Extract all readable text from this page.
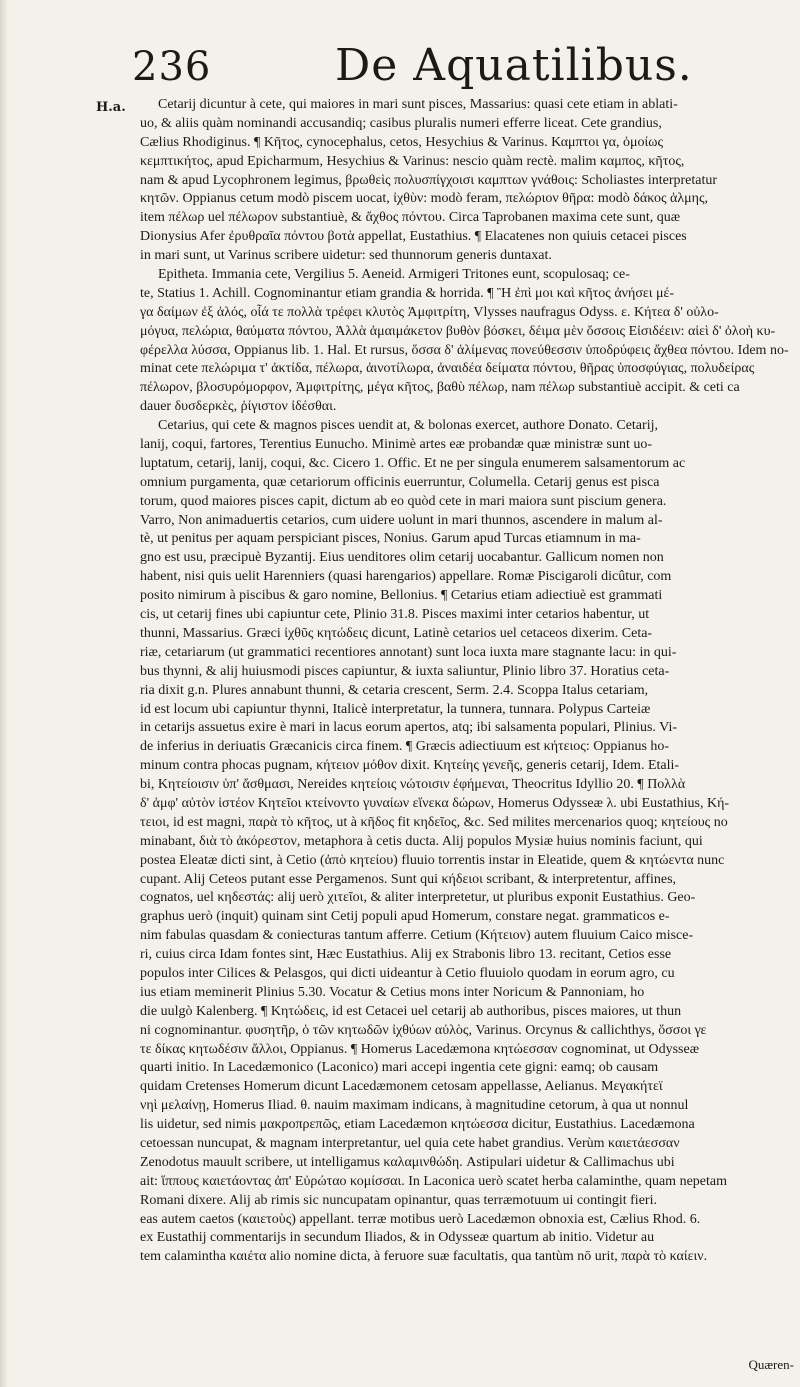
236	De Aquatilibus.
H.a.	Cetarij dicuntur à cete, qui maiores in mari sunt pisces, Massarius: quasi cete etiam in ablati-
uo, & aliis quàm nominandi accusandiq; casibus pluralis numeri efferre liceat. Cete grandius,
Cælius Rhodiginus. ¶ Κῆτος, cynocephalus, cetos, Hesychius & Varinus. Καμπτοι γα, ὁμοίως
κεμπτικήτος, apud Epicharmum, Hesychius & Varinus: nescio quàm rectè. malim καμπος, κῆτος,
nam & apud Lycophronem legimus, βρωθεὶς πολυσπίγχοισι καμπτων γνάθοις: Scholiastes interpretatur
κητῶν. Oppianus cetum modò piscem uocat, ἰχθὺν: modò feram, πελώριον θῆρα: modò δάκος ἁλμης,
item πέλωρ uel πέλωρον substantiuè, & ἄχθος πόντου. Circa Taprobanen maxima cete sunt, quæ
Dionysius Afer ἐρυθραῖα πόντου βοτὰ appellat, Eustathius. ¶ Elacatenes non quiuis cetacei pisces
in mari sunt, ut Varinus scribere uidetur: sed thunnorum generis duntaxat.
Epitheta. Immania cete, Vergilius 5. Aeneid. Armigeri Tritones eunt, scopulosaq; ce-
te, Statius 1. Achill. Cognominantur etiam grandia & horrida. ¶ Ἢ ἐπὶ μοι καὶ κῆτος ἀνήσει μέ-
γα δαίμων ἐξ ἁλός, οἷά τε πολλὰ τρέφει κλυτὸς Ἀμφιτρίτη, Vlysses naufragus Odyss. ε. Κήτεα δ' οὐλο-
μόγυα, πελώρια, θαύματα πόντου, Ἀλλὰ ἀμαιμάκετον βυθὸν βόσκει, δέιμα μὲν ὄσσοις Εἰσιδέειν: αἰεὶ δ' ὀλοὴ κυ-
φέρελλα λύσσα, Oppianus lib. 1. Hal. Et rursus, ὅσσα δ' ἁλίμενας πονεύθεσσιν ὑποδρύφεις ἄχθεα πόντου. Idem no-
minat cete πελώριμα τ' ἀκτίδα, πέλωρα, ἀινοτίλωρα, ἀναιδέα δείματα πόντου, θῆρας ὑποσφύγιας, πολυδείρας
πέλωρον, βλοσυρόμορφον, Ἀμφιτρίτης, μέγα κῆτος, βαθὺ πέλωρ, nam πέλωρ substantiuè accipit. & ceti ca
dauer δυσδερκὲς, ῥίγιστον ἰδέσθαι.
Cetarius, qui cete & magnos pisces uendit at, & bolonas exercet, authore Donato. Cetarij,
lanij, coqui, fartores, Terentius Eunucho. Minimè artes eæ probandæ quæ ministræ sunt uo-
luptatum, cetarij, lanij, coqui, &c. Cicero 1. Offic. Et ne per singula enumerem salsamentorum ac
omnium purgamenta, quæ cetariorum officinis euerruntur, Columella. Cetarij genus est pisca
torum, quod maiores pisces capit, dictum ab eo quòd cete in mari maiora sunt piscium genera.
Varro, Non animaduertis cetarios, cum uidere uolunt in mari thunnos, ascendere in malum al-
tè, ut penitus per aquam perspiciant pisces, Nonius. Garum apud Turcas etiamnum in ma-
gno est usu, præcipuè Byzantij. Eius uenditores olim cetarij uocabantur. Gallicum nomen non
habent, nisi quis uelit Harenniers (quasi harengarios) appellare. Romæ Piscigaroli dicûtur, com
posito nimirum à piscibus & garo nomine, Bellonius. ¶ Cetarius etiam adiectiuè est grammati
cis, ut cetarij fines ubi capiuntur cete, Plinio 31.8. Pisces maximi inter cetarios habentur, ut
thunni, Massarius. Græci ἰχθῦς κητώδεις dicunt, Latinè cetarios uel cetaceos dixerim. Ceta-
riæ, cetariarum (ut grammatici recentiores annotant) sunt loca iuxta mare stagnante lacu: in qui-
bus thynni, & alij huiusmodi pisces capiuntur, & iuxta saliuntur, Plinio libro 37. Horatius ceta-
ria dixit g.n. Plures annabunt thunni, & cetaria crescent, Serm. 2.4. Scoppa Italus cetariam,
id est locum ubi capiuntur thynni, Italicè interpretatur, la tunnera, tunnara. Polypus Carteiæ
in cetarijs assuetus exire è mari in lacus eorum apertos, atq; ibi salsamenta populari, Plinius. Vi-
de inferius in deriuatis Græcanicis circa finem. ¶ Græcis adiectiuum est κήτειος: Oppianus ho-
minum contra phocas pugnam, κήτειον μόθον dixit. Κητείης γενεῆς, generis cetarij, Idem. Etali-
bi, Κητείοισιν ὑπ' ἄσθμασι, Nereides κητείοις νώτοισιν ἐφήμεναι, Theocritus Idyllio 20. ¶ Πολλὰ
δ' ἀμφ' αὐτὸν ἱστέον Κητεῖοι κτείνοντο γυναίων εἵνεκα δώρων, Homerus Odysseæ λ. ubi Eustathius, Κή-
τειοι, id est magni, παρὰ τὸ κῆτος, ut à κῆδος fit κηδεῖος, &c. Sed milites mercenarios quoq; κητείους no
minabant, διὰ τὸ ἀκόρεστον, metaphora à cetis ducta. Alij populos Mysiæ huius nominis faciunt, qui
postea Eleatæ dicti sint, à Cetio (ἀπὸ κητείου) fluuio torrentis instar in Eleatide, quem & κητώεντα nunc
cupant. Alij Ceteos putant esse Pergamenos. Sunt qui κήδειοι scribant, & interpretentur, affines,
cognatos, uel κηδεστάς: alij uerò χιτεῖοι, & aliter interpretetur, ut pluribus exponit Eustathius. Geo-
graphus uerò (inquit) quinam sint Cetij populi apud Homerum, constare negat. grammaticos e-
nim fabulas quasdam & coniecturas tantum afferre. Cetium (Κήτειον) autem fluuium Caico misce-
ri, cuius circa Idam fontes sint, Hæc Eustathius. Alij ex Strabonis libro 13. recitant, Cetios esse
populos inter Cilices & Pelasgos, qui dicti uideantur à Cetio fluuiolo quodam in eorum agro, cu
ius etiam meminerit Plinius 5.30. Vocatur & Cetius mons inter Noricum & Pannoniam, ho
die uulgò Kalenberg. ¶ Κητώδεις, id est Cetacei uel cetarij ab authoribus, pisces maiores, ut thun
ni cognominantur. φυσητῆρ, ὁ τῶν κητωδῶν ἰχθύων αὐλὸς, Varinus. Orcynus & callichthys, ὅσσοι γε
τε δίκας κητωδέσιν ἄλλοι, Oppianus. ¶ Homerus Lacedæmona κητώεσσαν cognominat, ut Odysseæ
quarti initio. In Lacedæmonico (Laconico) mari accepi ingentia cete gigni: eamq; ob causam
quidam Cretenses Homerum dicunt Lacedæmonem cetosam appellasse, Aelianus. Μεγακήτεϊ
νηὶ μελαίνῃ, Homerus Iliad. θ. nauim maximam indicans, à magnitudine cetorum, à qua ut nonnul
lis uidetur, sed nimis μακροπρεπῶς, etiam Lacedæmon κητώεσσα dicitur, Eustathius. Lacedæmona
cetoessan nuncupat, & magnam interpretantur, uel quia cete habet grandius. Verùm καιετάεσσαν
Zenodotus mauult scribere, ut intelligamus καλαμινθώδη. Astipulari uidetur & Callimachus ubi
ait: ἵππους καιετάοντας ἀπ' Εὐρώταο κομίσσαι. In Laconica uerò scatet herba calaminthe, quam nepetam
Romani dixere. Alij ab rimis sic nuncupatam opinantur, quas terræmotuum ui contingit fieri.
eas autem caetos (καιετοὺς) appellant. terræ motibus uerò Lacedæmon obnoxia est, Cælius Rhod. 6.
ex Eustathij commentarijs in secundum Iliados, & in Odysseæ quartum ab initio. Videtur au
tem calamintha καιέτα alio nomine dicta, à feruore suæ facultatis, qua tantùm nō urit, παρὰ τὸ καίειν.
Quæren-
